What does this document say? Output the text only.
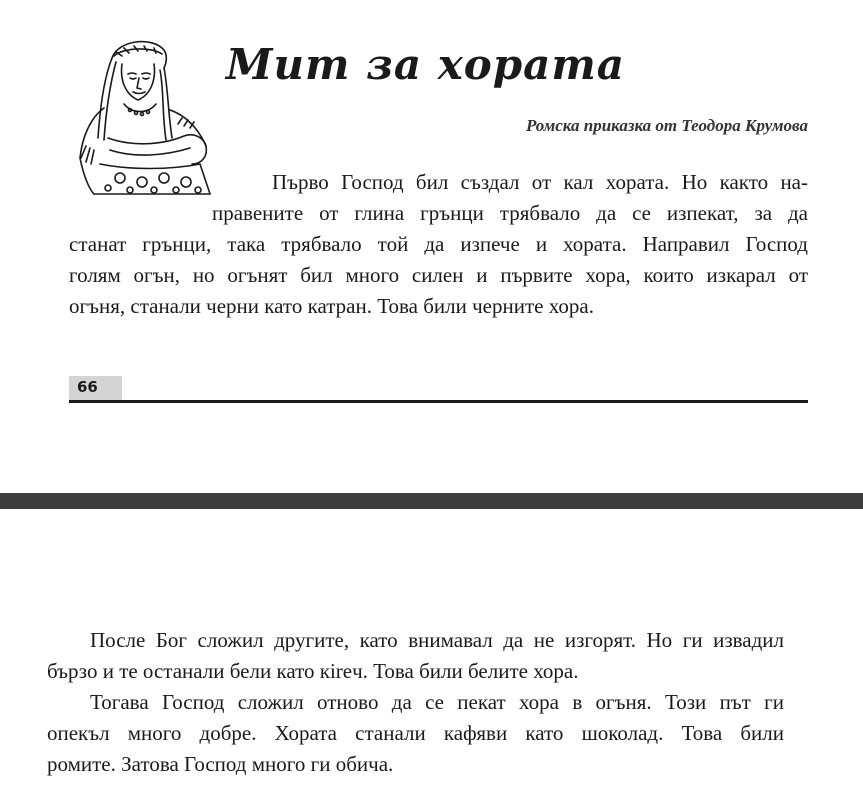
Мит за хората
Ромска приказка от Теодора Крумова
Първо Господ бил създал от кал хората. Но както на-
правените от глина грънци трябвало да се изпекат, за да
станат грънци, така трябвало той да изпече и хората. Направил Господ
голям огън, но огънят бил много силен и първите хора, които изкарал от
огъня, станали черни като катран. Това били черните хора.
66
После Бог сложил другите, като внимавал да не изгорят. Но ги извадил
бързо и те останали бели като кireч. Това били белите хора.
Тогава Господ сложил отново да се пекат хора в огъня. Този път ги
опекъл много добре. Хората станали кафяви като шоколад. Това били
ромите. Затова Господ много ги обича.
